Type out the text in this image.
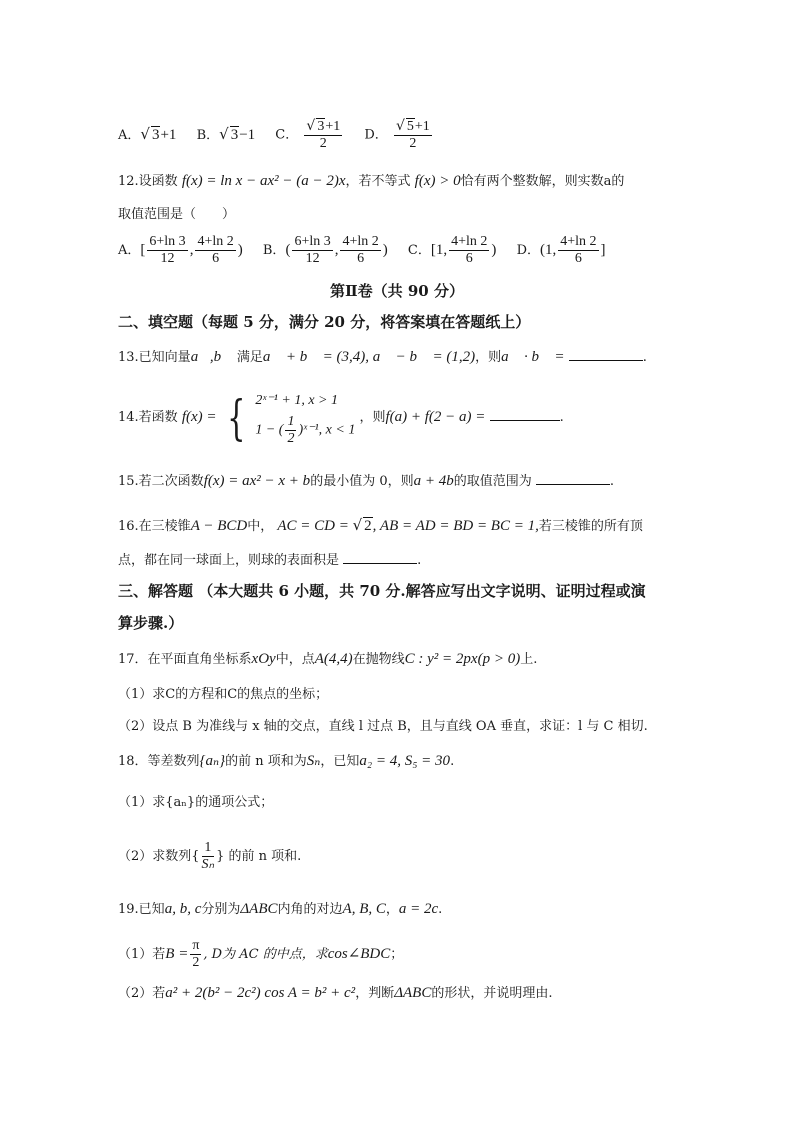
A．√ 3+1 B．√ 3−1 C． $\frac{√ 3+1}{2}$ D． $\frac{√ 5+1}{2}$
12.设函数 f(x) = ln x − ax² − (a − 2)x，若不等式 f(x) > 0恰有两个整数解，则实数a的
取值范围是（　　）
A．[ $\frac{6+\ln 3}{12}$ , $\frac{4+\ln 2}{6}$ ) B．( $\frac{6+\ln 3}{12}$ , $\frac{4+\ln 2}{6}$ ) C．[1, $\frac{4+\ln 2}{6}$ ) D．(1, $\frac{4+\ln 2}{6}$ ]
第Ⅱ卷（共 90 分）
二、填空题（每题 5 分，满分 20 分，将答案填在答题纸上）
13.已知向量a⃗,b⃗ 满足a⃗ + b⃗ = (3,4), a⃗ − b⃗ = (1,2)，则a⃗ · b⃗ =	.
14.若函数 f(x) = { 2ˣ⁻¹ + 1, x > 1
1 − ( $\frac{1}{2}$ )ˣ⁻¹, x < 1
，则f(a) + f(2 − a) =	.
15.若二次函数f(x) = ax² − x + b的最小值为 0，则a + 4b的取值范围为	.
16.在三棱锥A − BCD中， AC = CD = √ 2, AB = AD = BD = BC = 1,若三棱锥的所有顶
点，都在同一球面上，则球的表面积是	.
三、解答题 （本大题共 6 小题，共 70 分.解答应写出文字说明、证明过程或演
算步骤.）
17．在平面直角坐标系xOy中，点A(4,4)在抛物线C : y² = 2px(p > 0)上.
（1）求C的方程和C的焦点的坐标；
（2）设点 B 为准线与 x 轴的交点，直线 l 过点 B，且与直线 OA 垂直，求证：l 与 C 相切.
18．等差数列{aₙ}的前 n 项和为Sₙ，已知a₂ = 4, S₅ = 30.
（1）求{aₙ}的通项公式；
（2）求数列{ $\frac{1}{\text{Sₙ}}$ } 的前 n 项和.
19.已知a, b, c分别为ΔABC内角的对边A, B, C，a = 2c.
（1）若$B = \frac{\pi}{2}$ , D为 AC 的中点，求cos∠BDC；
（2）若a² + 2(b² − 2c²) cos A = b² + c²，判断ΔABC的形状，并说明理由.
